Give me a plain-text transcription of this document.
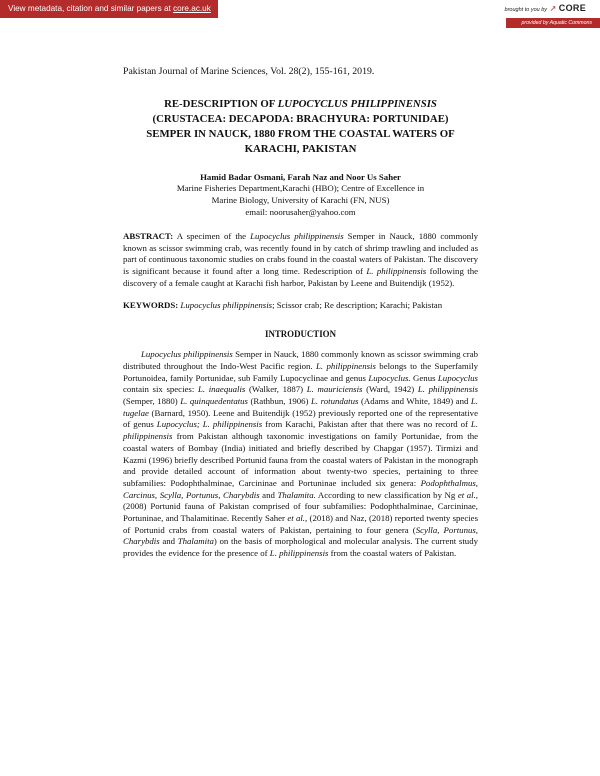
View metadata, citation and similar papers at core.ac.uk	brought to you by ↗ CORE
provided by Aquatic Commons
Pakistan Journal of Marine Sciences, Vol. 28(2), 155-161, 2019.
RE-DESCRIPTION OF LUPOCYCLUS PHILIPPINENSIS
(CRUSTACEA: DECAPODA: BRACHYURA: PORTUNIDAE)
SEMPER IN NAUCK, 1880 FROM THE COASTAL WATERS OF
KARACHI, PAKISTAN
Hamid Badar Osmani, Farah Naz and Noor Us Saher
Marine Fisheries Department,Karachi (HBO); Centre of Excellence in
Marine Biology, University of Karachi (FN, NUS)
email: noorusaher@yahoo.com
ABSTRACT: A specimen of the Lupocyclus philippinensis Semper in Nauck, 1880 commonly known as scissor swimming crab, was recently found in by catch of shrimp trawling and included as part of continuous taxonomic studies on crabs found in the coastal waters of Pakistan. The discovery is significant because it found after a long time. Redescription of L. philippinensis following the discovery of a female caught at Karachi fish harbor, Pakistan by Leene and Buitendijk (1952).
KEYWORDS: Lupocyclus philippinensis; Scissor crab; Re description; Karachi; Pakistan
INTRODUCTION
Lupocyclus philippinensis Semper in Nauck, 1880 commonly known as scissor swimming crab distributed throughout the Indo-West Pacific region. L. philippinensis belongs to the Superfamily Portunoidea, family Portunidae, sub Family Lupocyclinae and genus Lupocyclus. Genus Lupocyclus contain six species: L. inaequalis (Walker, 1887) L. mauriciensis (Ward, 1942) L. philippinensis (Semper, 1880) L. quinquedentatus (Rathbun, 1906) L. rotundatus (Adams and White, 1849) and L. tugelae (Barnard, 1950). Leene and Buitendijk (1952) previously reported one of the representative of genus Lupocyclus; L. philippinensis from Karachi, Pakistan after that there was no record of L. philippinensis from Pakistan although taxonomic investigations on family Portunidae, from the coastal waters of Bombay (India) initiated and briefly described by Chapgar (1957). Tirmizi and Kazmi (1996) briefly described Portunid fauna from the coastal waters of Pakistan in the monograph and provide detailed account of information about twenty-two species, pertaining to three subfamilies: Podophthalminae, Carcininae and Portuninae included six genera: Podophthalmus, Carcinus, Scylla, Portunus, Charybdis and Thalamita. According to new classification by Ng et al., (2008) Portunid fauna of Pakistan comprised of four subfamilies: Podophthalminae, Carcininae, Portuninae, and Thalamitinae. Recently Saher et al., (2018) and Naz, (2018) reported twenty species of Portunid crabs from coastal waters of Pakistan, pertaining to four genera (Scylla, Portunus, Charybdis and Thalamita) on the basis of morphological and molecular analysis. The current study provides the evidence for the presence of L. philippinensis from the coastal waters of Pakistan.
